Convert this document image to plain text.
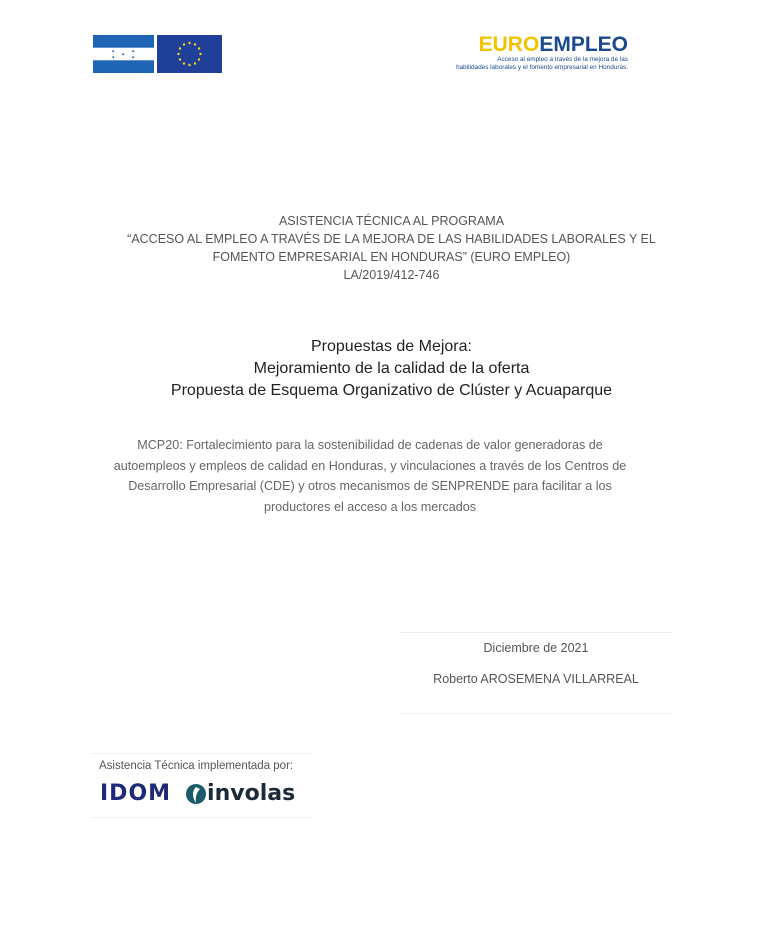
✦
✦ ✦ ✦
✦
EUROEMPLEO
Acceso al empleo a través de la mejora de las
habilidades laborales y el fomento empresarial en Honduras.
ASISTENCIA TÉCNICA AL PROGRAMA
“ACCESO AL EMPLEO A TRAVÉS DE LA MEJORA DE LAS HABILIDADES LABORALES Y EL
FOMENTO EMPRESARIAL EN HONDURAS” (EURO EMPLEO)
LA/2019/412-746
Propuestas de Mejora:
Mejoramiento de la calidad de la oferta
Propuesta de Esquema Organizativo de Clúster y Acuaparque
MCP20: Fortalecimiento para la sostenibilidad de cadenas de valor generadoras de
autoempleos y empleos de calidad en Honduras, y vinculaciones a través de los Centros de
Desarrollo Empresarial (CDE) y otros mecanismos de SENPRENDE para facilitar a los
productores el acceso a los mercados
Diciembre de 2021
Roberto AROSEMENA VILLARREAL
Asistencia Técnica implementada por:
IDOM involas
